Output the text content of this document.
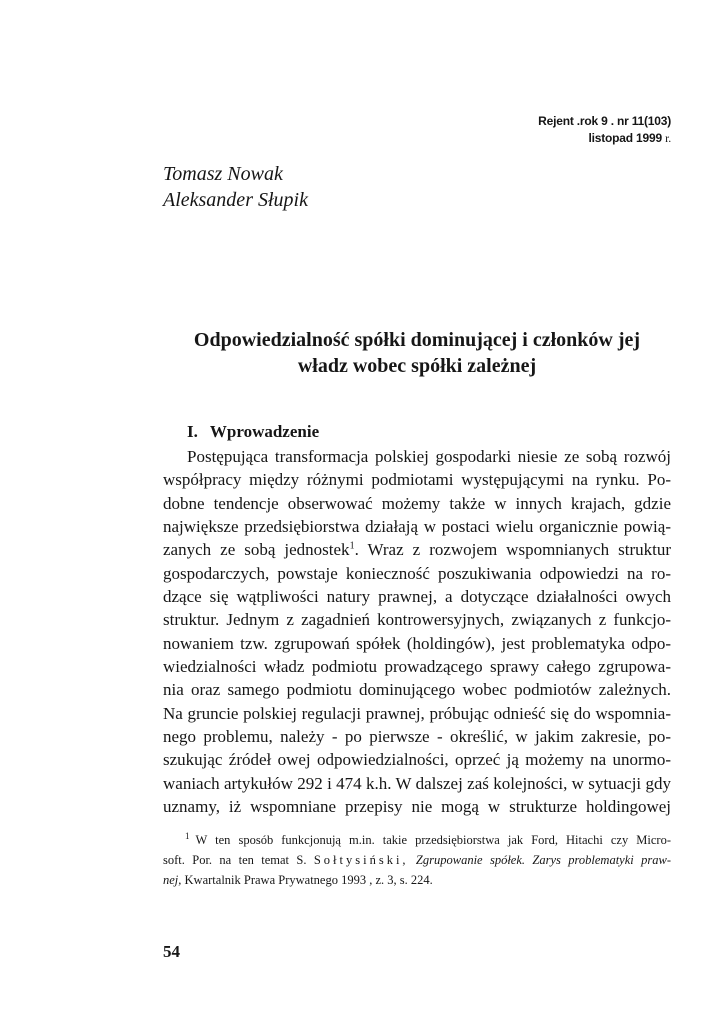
Rejent .rok 9 . nr 11(103)
listopad 1999 r.
Tomasz Nowak
Aleksander Słupik
Odpowiedzialność spółki dominującej i członków jej
władz wobec spółki zależnej
I. Wprowadzenie
Postępująca transformacja polskiej gospodarki niesie ze sobą rozwój
współpracy między różnymi podmiotami występującymi na rynku. Po-
dobne tendencje obserwować możemy także w innych krajach, gdzie
największe przedsiębiorstwa działają w postaci wielu organicznie powią-
zanych ze sobą jednostek$^1$. Wraz z rozwojem wspomnianych struktur
gospodarczych, powstaje konieczność poszukiwania odpowiedzi na ro-
dzące się wątpliwości natury prawnej, a dotyczące działalności owych
struktur. Jednym z zagadnień kontrowersyjnych, związanych z funkcjo-
nowaniem tzw. zgrupowań spółek (holdingów), jest problematyka odpo-
wiedzialności władz podmiotu prowadzącego sprawy całego zgrupowa-
nia oraz samego podmiotu dominującego wobec podmiotów zależnych.
Na gruncie polskiej regulacji prawnej, próbując odnieść się do wspomnia-
nego problemu, należy - po pierwsze - określić, w jakim zakresie, po-
szukując źródeł owej odpowiedzialności, oprzeć ją możemy na unormo-
waniach artykułów 292 i 474 k.h. W dalszej zaś kolejności, w sytuacji gdy
uznamy, iż wspomniane przepisy nie mogą w strukturze holdingowej
$^1$ W ten sposób funkcjonują m.in. takie przedsiębiorstwa jak Ford, Hitachi czy Micro-
soft. Por. na ten temat S. Sołtysiński, Zgrupowanie spółek. Zarys problematyki praw-
nej, Kwartalnik Prawa Prywatnego 1993 , z. 3, s. 224.
54
